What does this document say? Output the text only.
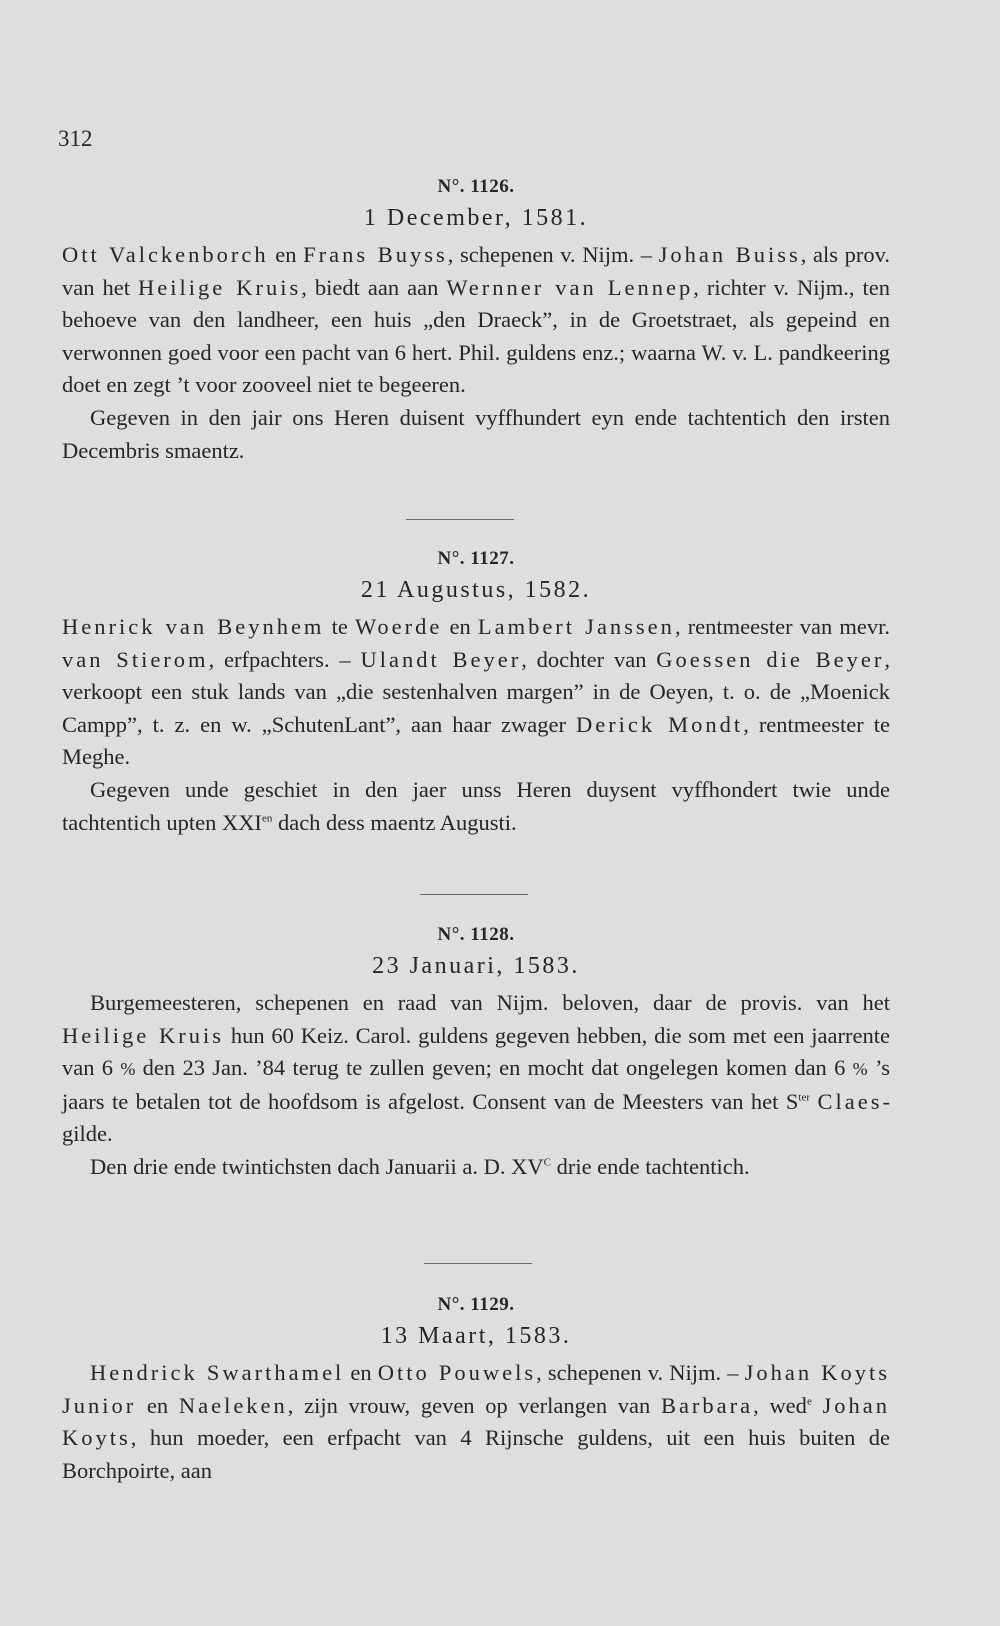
312
N°. 1126.
1 December, 1581.

Ott Valckenborch en Frans Buyss, schepenen v. Nijm. – Johan Buiss, als prov. van het Heilige Kruis, biedt aan aan Wernner van Lennep, richter v. Nijm., ten behoeve van den landheer, een huis „den Draeck”, in de Groetstraet, als gepeind en verwonnen goed voor een pacht van 6 hert. Phil. guldens enz.; waarna W. v. L. pandkeering doet en zegt ’t voor zooveel niet te begeeren.

Gegeven in den jair ons Heren duisent vyffhundert eyn ende tachtentich den irsten Decembris smaentz.

N°. 1127.
21 Augustus, 1582.

Henrick van Beynhem te Woerde en Lambert Janssen, rentmeester van mevr. van Stierom, erfpachters. – Ulandt Beyer, dochter van Goessen die Beyer, verkoopt een stuk lands van „die sestenhalven margen” in de Oeyen, t. o. de „Moenick Campp”, t. z. en w. „SchutenLant”, aan haar zwager Derick Mondt, rentmeester te Meghe.

Gegeven unde geschiet in den jaer unss Heren duysent vyffhondert twie unde tachtentich upten $XXI^{en}$ dach dess maentz Augusti.

N°. 1128.
23 Januari, 1583.

Burgemeesteren, schepenen en raad van Nijm. beloven, daar de provis. van het Heilige Kruis hun 60 Keiz. Carol. guldens gegeven hebben, die som met een jaarrente van 6 % den 23 Jan. ’84 terug te zullen geven; en mocht dat ongelegen komen dan 6 % ’s jaars te betalen tot de hoofdsom is afgelost. Consent van de Meesters van het $S^{ter}$ Claes-gilde.

Den drie ende twintichsten dach Januarii a. D. $XV^C$ drie ende tachtentich.

N°. 1129.
13 Maart, 1583.

Hendrick Swarthamel en Otto Pouwels, schepenen v. Nijm. – Johan Koyts Junior en Naeleken, zijn vrouw, geven op verlangen van Barbara, wed$^e$ Johan Koyts, hun moeder, een erfpacht van 4 Rijnsche guldens, uit een huis buiten de Borchpoirte, aan
